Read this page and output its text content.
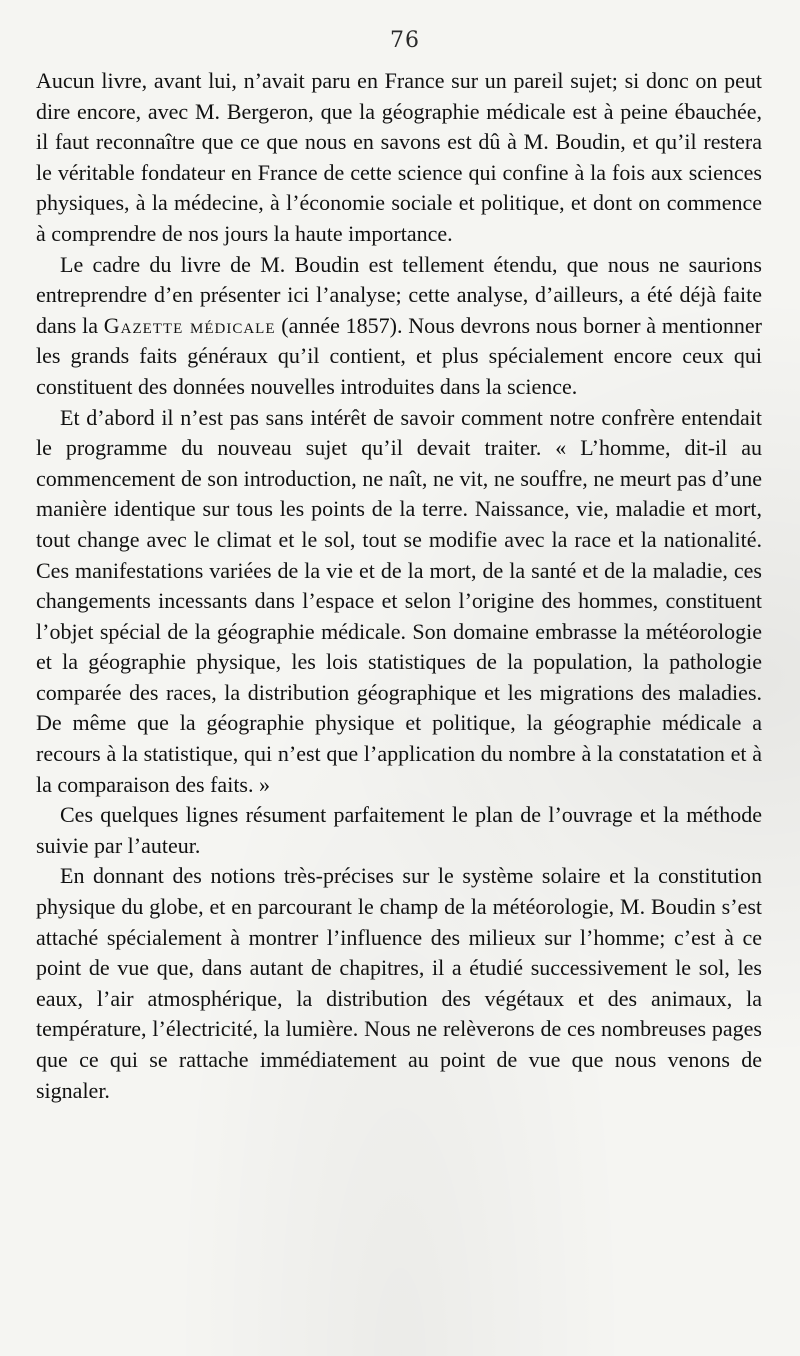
76

Aucun livre, avant lui, n’avait paru en France sur un pareil sujet; si donc on peut dire encore, avec M. Bergeron, que la géographie médicale est à peine ébauchée, il faut reconnaître que ce que nous en savons est dû à M. Boudin, et qu’il restera le véritable fondateur en France de cette science qui confine à la fois aux sciences physiques, à la médecine, à l’économie sociale et politique, et dont on commence à comprendre de nos jours la haute importance.

Le cadre du livre de M. Boudin est tellement étendu, que nous ne saurions entreprendre d’en présenter ici l’analyse; cette analyse, d’ailleurs, a été déjà faite dans la Gazette médicale (année 1857). Nous devrons nous borner à mentionner les grands faits généraux qu’il contient, et plus spécialement encore ceux qui constituent des données nouvelles introduites dans la science.

Et d’abord il n’est pas sans intérêt de savoir comment notre confrère entendait le programme du nouveau sujet qu’il devait traiter. « L’homme, dit-il au commencement de son introduction, ne naît, ne vit, ne souffre, ne meurt pas d’une manière identique sur tous les points de la terre. Naissance, vie, maladie et mort, tout change avec le climat et le sol, tout se modifie avec la race et la nationalité. Ces manifestations variées de la vie et de la mort, de la santé et de la maladie, ces changements incessants dans l’espace et selon l’origine des hommes, constituent l’objet spécial de la géographie médicale. Son domaine embrasse la météorologie et la géographie physique, les lois statistiques de la population, la pathologie comparée des races, la distribution géographique et les migrations des maladies. De même que la géographie physique et politique, la géographie médicale a recours à la statistique, qui n’est que l’application du nombre à la constatation et à la comparaison des faits. »

Ces quelques lignes résument parfaitement le plan de l’ouvrage et la méthode suivie par l’auteur.

En donnant des notions très-précises sur le système solaire et la constitution physique du globe, et en parcourant le champ de la météorologie, M. Boudin s’est attaché spécialement à montrer l’influence des milieux sur l’homme; c’est à ce point de vue que, dans autant de chapitres, il a étudié successivement le sol, les eaux, l’air atmosphérique, la distribution des végétaux et des animaux, la température, l’électricité, la lumière. Nous ne relèverons de ces nombreuses pages que ce qui se rattache immédiatement au point de vue que nous venons de signaler.
